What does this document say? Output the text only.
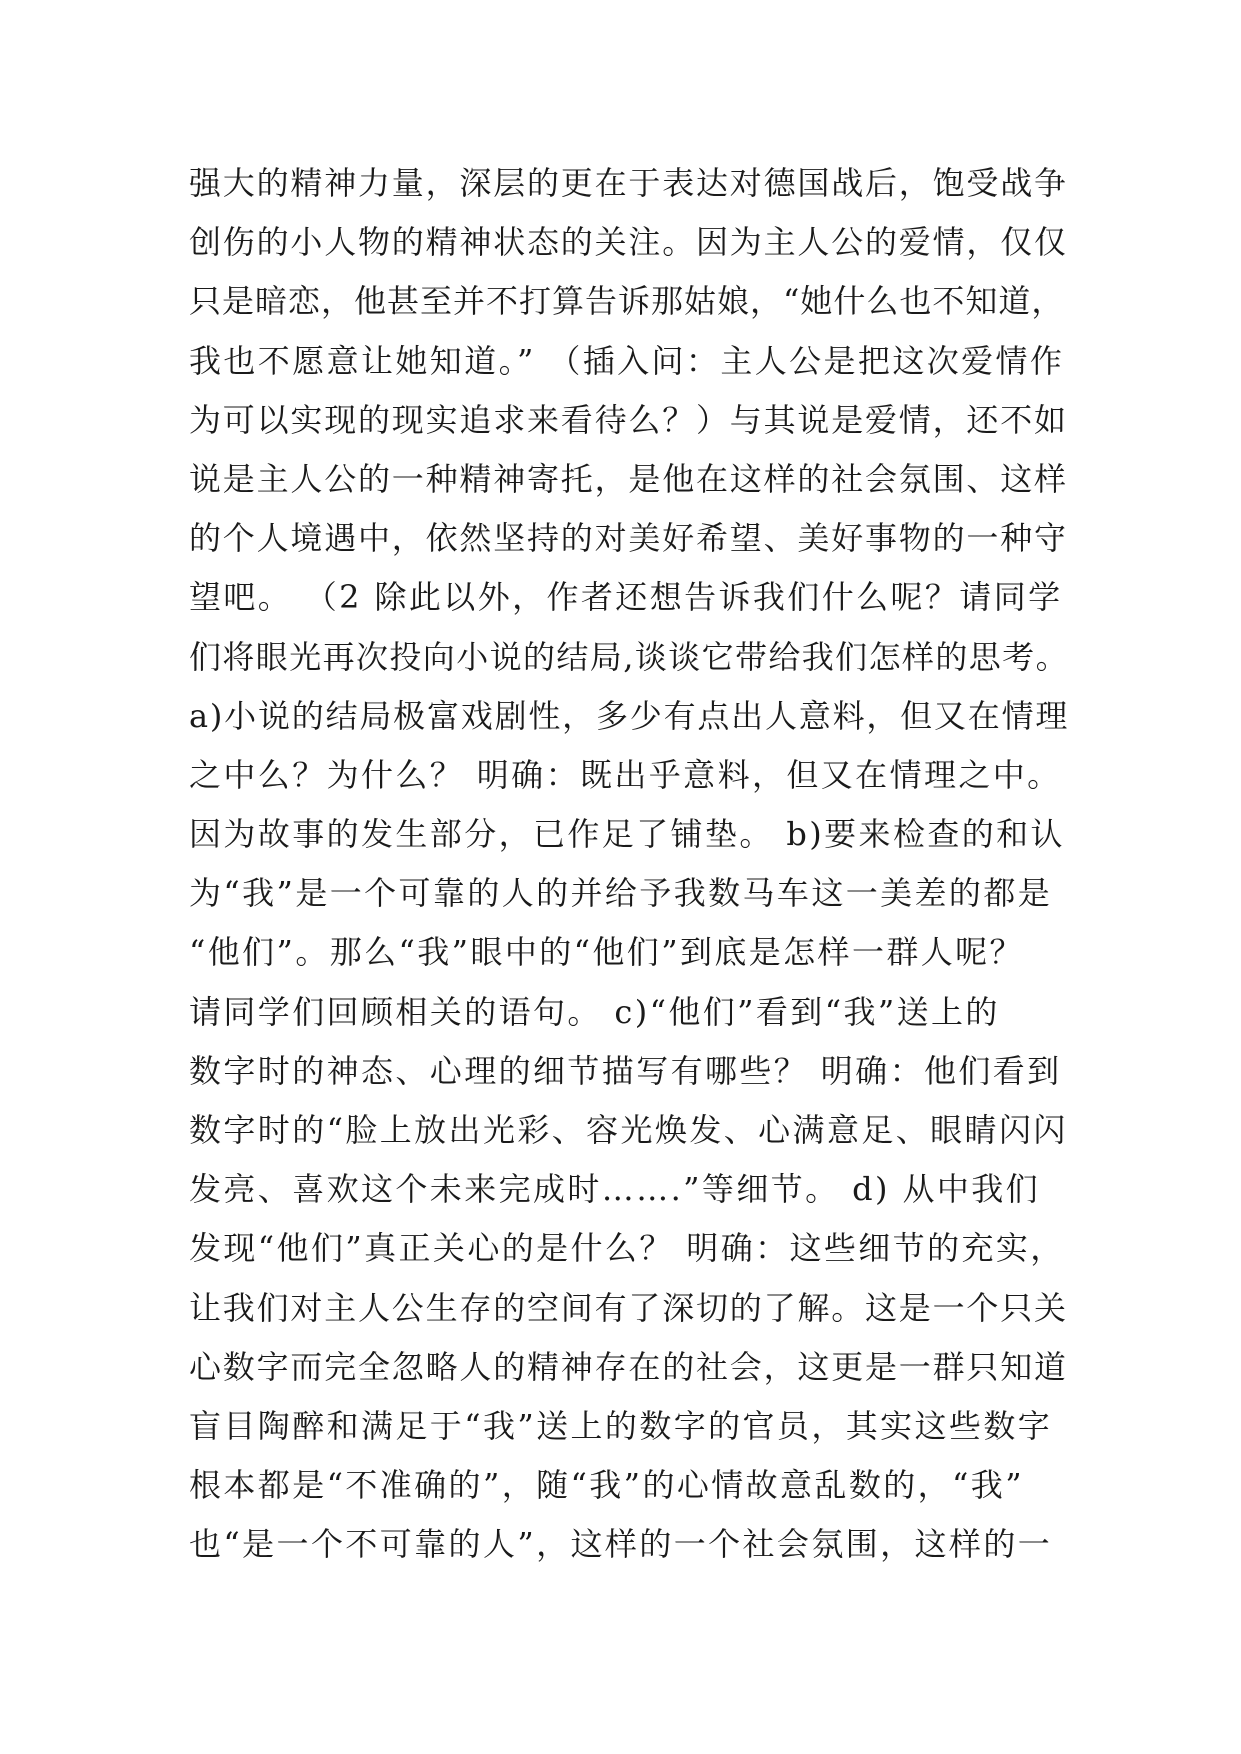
强大的精神力量，深层的更在于表达对德国战后，饱受战争
创伤的小人物的精神状态的关注。因为主人公的爱情，仅仅
只是暗恋，他甚至并不打算告诉那姑娘，“她什么也不知道，
我也不愿意让她知道。” （插入问：主人公是把这次爱情作
为可以实现的现实追求来看待么？）与其说是爱情，还不如
说是主人公的一种精神寄托，是他在这样的社会氛围、这样
的个人境遇中，依然坚持的对美好希望、美好事物的一种守
望吧。 （2 除此以外，作者还想告诉我们什么呢？请同学
们将眼光再次投向小说的结局,谈谈它带给我们怎样的思考。
a)小说的结局极富戏剧性，多少有点出人意料，但又在情理
之中么？为什么？ 明确：既出乎意料，但又在情理之中。
因为故事的发生部分，已作足了铺垫。 b)要来检查的和认
为“我”是一个可靠的人的并给予我数马车这一美差的都是
“他们”。那么“我”眼中的“他们”到底是怎样一群人呢？
请同学们回顾相关的语句。 c)“他们”看到“我”送上的
数字时的神态、心理的细节描写有哪些？ 明确：他们看到
数字时的“脸上放出光彩、容光焕发、心满意足、眼睛闪闪
发亮、喜欢这个未来完成时…….”等细节。 d) 从中我们
发现“他们”真正关心的是什么？ 明确：这些细节的充实，
让我们对主人公生存的空间有了深切的了解。这是一个只关
心数字而完全忽略人的精神存在的社会，这更是一群只知道
盲目陶醉和满足于“我”送上的数字的官员，其实这些数字
根本都是“不准确的”，随“我”的心情故意乱数的，“我”
也“是一个不可靠的人”，这样的一个社会氛围，这样的一
